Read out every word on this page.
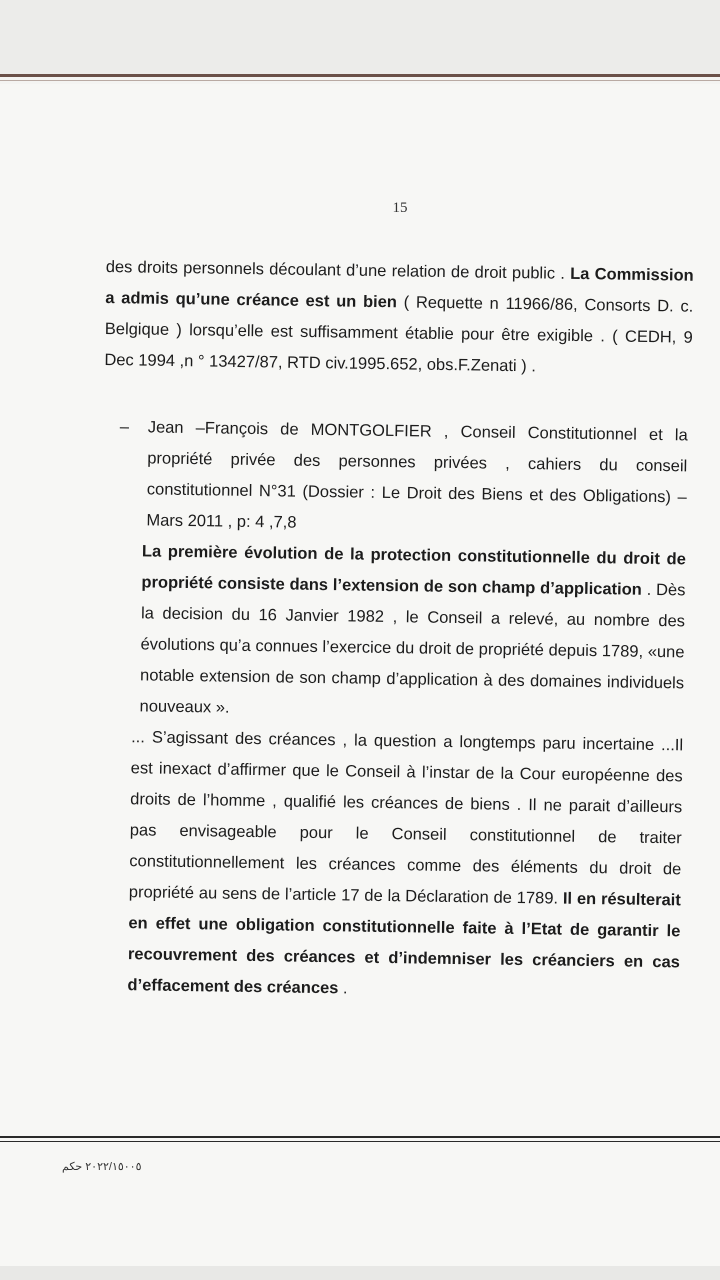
15
des droits personnels découlant d’une relation de droit public . La Commission a admis qu’une créance est un bien ( Requette n 11966/86, Consorts D. c. Belgique ) lorsqu’elle est suffisamment établie pour être exigible . ( CEDH, 9 Dec 1994 ,n ° 13427/87, RTD civ.1995.652, obs.F.Zenati ) .
– Jean –François de MONTGOLFIER , Conseil Constitutionnel et la propriété privée des personnes privées , cahiers du conseil constitutionnel N°31 (Dossier : Le Droit des Biens et des Obligations) – Mars 2011 , p: 4 ,7,8
La première évolution de la protection constitutionnelle du droit de propriété consiste dans l’extension de son champ d’application . Dès la decision du 16 Janvier 1982 , le Conseil a relevé, au nombre des évolutions qu’a connues l’exercice du droit de propriété depuis 1789, «une notable extension de son champ d’application à des domaines individuels nouveaux ».
... S’agissant des créances , la question a longtemps paru incertaine ...Il est inexact d’affirmer que le Conseil à l’instar de la Cour européenne des droits de l’homme , qualifié les créances de biens . Il ne parait d’ailleurs pas envisageable pour le Conseil constitutionnel de traiter constitutionnellement les créances comme des éléments du droit de propriété au sens de l’article 17 de la Déclaration de 1789. Il en résulterait en effet une obligation constitutionnelle faite à l’Etat de garantir le recouvrement des créances et d’indemniser les créanciers en cas d’effacement des créances .
٢٠٢٢/١٥٠٠٥ حكم
